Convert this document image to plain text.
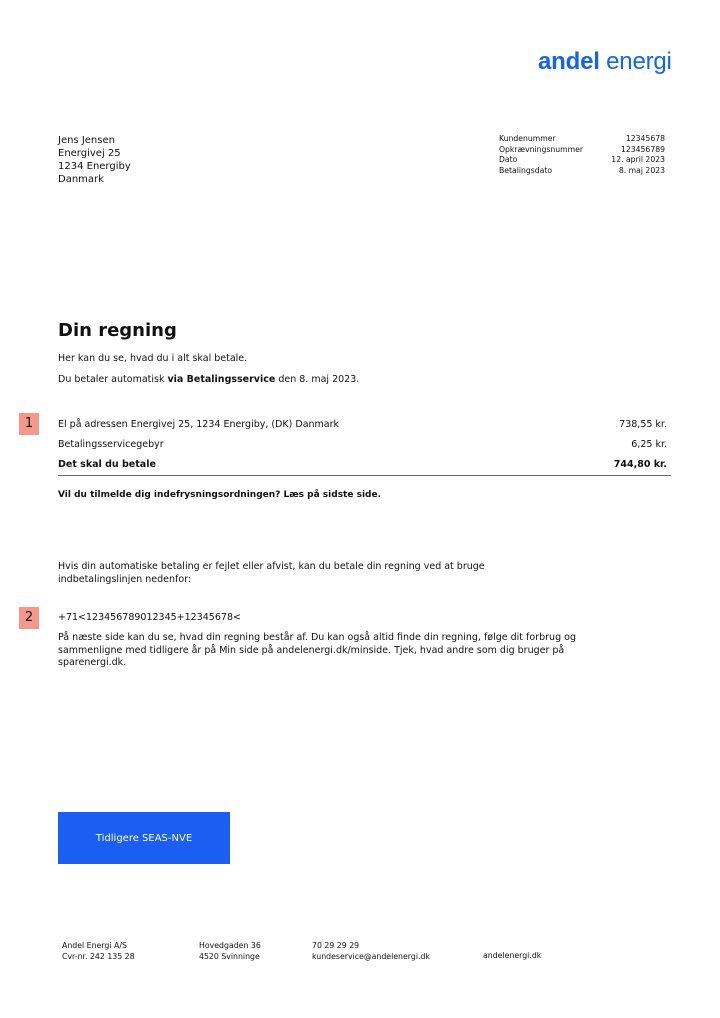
andel energi
Jens Jensen
Energivej 25
1234 Energiby
Danmark
Kundenummer	12345678
Opkrævningsnummer	123456789
Dato	12. april 2023
Betalingsdato	8. maj 2023
Din regning
Her kan du se, hvad du i alt skal betale.
Du betaler automatisk via Betalingsservice den 8. maj 2023.
1	El på adressen Energivej 25, 1234 Energiby, (DK) Danmark	738,55 kr.
Betalingsservicegebyr	6,25 kr.
Det skal du betale	744,80 kr.
Vil du tilmelde dig indefrysningsordningen? Læs på sidste side.
Hvis din automatiske betaling er fejlet eller afvist, kan du betale din regning ved at bruge
indbetalingslinjen nedenfor:
2	+71<123456789012345+12345678<
På næste side kan du se, hvad din regning består af. Du kan også altid finde din regning, følge dit forbrug og
sammenligne med tidligere år på Min side på andelenergi.dk/minside. Tjek, hvad andre som dig bruger på
sparenergi.dk.
Tidligere SEAS-NVE
Andel Energi A/S
Cvr-nr. 242 135 28
Hovedgaden 36
4520 Svinninge
70 29 29 29
kundeservice@andelenergi.dk	andelenergi.dk
